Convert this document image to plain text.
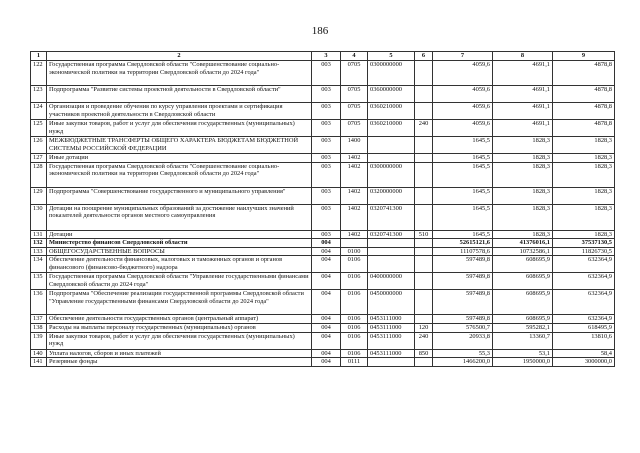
186
1	2	3	4	5	6	7	8	9
122	Государственная программа Свердловской области "Совершенствование социально-экономической политики на территории Свердловской области до 2024 года"	003	0705	0300000000		4059,6	4691,1	4878,8
123	Подпрограмма "Развитие системы проектной деятельности в Свердловской области"	003	0705	0360000000		4059,6	4691,1	4878,8
124	Организация и проведение обучения по курсу управления проектами и сертификация участников проектной деятельности в Свердловской области	003	0705	0360210000		4059,6	4691,1	4878,8
125	Иные закупки товаров, работ и услуг для обеспечения государственных (муниципальных) нужд	003	0705	0360210000	240	4059,6	4691,1	4878,8
126	МЕЖБЮДЖЕТНЫЕ ТРАНСФЕРТЫ ОБЩЕГО ХАРАКТЕРА БЮДЖЕТАМ БЮДЖЕТНОЙ СИСТЕМЫ РОССИЙСКОЙ ФЕДЕРАЦИИ	003	1400			1645,5	1828,3	1828,3
127	Иные дотации	003	1402			1645,5	1828,3	1828,3
128	Государственная программа Свердловской области "Совершенствование социально-экономической политики на территории Свердловской области до 2024 года"	003	1402	0300000000		1645,5	1828,3	1828,3
129	Подпрограмма "Совершенствование государственного и муниципального управления"	003	1402	0320000000		1645,5	1828,3	1828,3
130	Дотации на поощрение муниципальных образований за достижение наилучших значений показателей деятельности органов местного самоуправления	003	1402	0320741300		1645,5	1828,3	1828,3
131	Дотации	003	1402	0320741300	510	1645,5	1828,3	1828,3
132	Министерство финансов Свердловской области	004				52615121,6	41376016,1	37537130,5
133	ОБЩЕГОСУДАРСТВЕННЫЕ ВОПРОСЫ	004	0100			11107578,6	10732586,1	11826730,5
134	Обеспечение деятельности финансовых, налоговых и таможенных органов и органов финансового (финансово-бюджетного) надзора	004	0106			597489,8	608695,9	632364,9
135	Государственная программа Свердловской области "Управление государственными финансами Свердловской области до 2024 года"	004	0106	0400000000		597489,8	608695,9	632364,9
136	Подпрограмма "Обеспечение реализации государственной программы Свердловской области "Управление государственными финансами Свердловской области до 2024 года"	004	0106	0450000000		597489,8	608695,9	632364,9
137	Обеспечение деятельности государственных органов (центральный аппарат)	004	0106	0453111000		597489,8	608695,9	632364,9
138	Расходы на выплаты персоналу государственных (муниципальных) органов	004	0106	0453111000	120	576500,7	595282,1	618495,9
139	Иные закупки товаров, работ и услуг для обеспечения государственных (муниципальных) нужд	004	0106	0453111000	240	20933,8	13360,7	13810,6
140	Уплата налогов, сборов и иных платежей	004	0106	0453111000	850	55,3	53,1	58,4
141	Резервные фонды	004	0111			1466200,0	1950000,0	3000000,0
